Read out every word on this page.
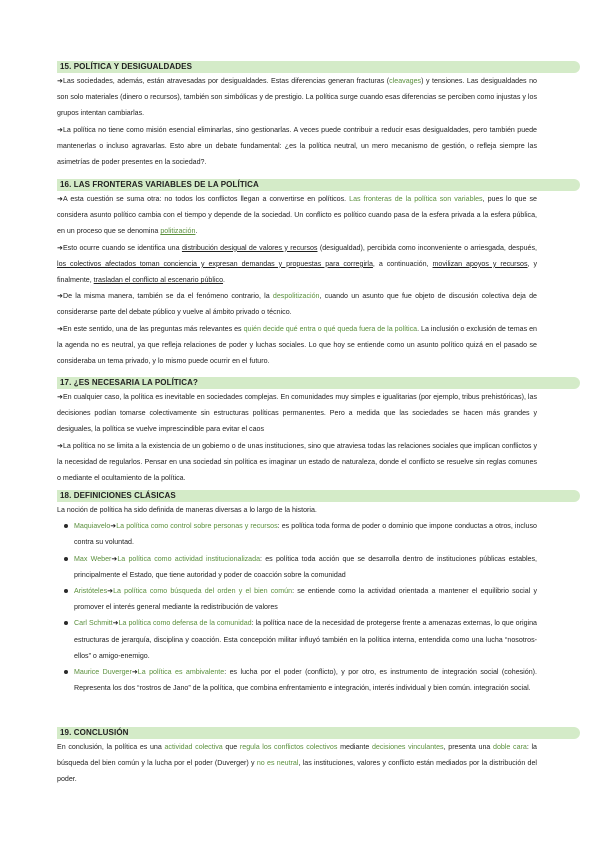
15. POLÍTICA Y DESIGUALDADES
➜Las sociedades, además, están atravesadas por desigualdades. Estas diferencias generan fracturas (cleavages) y tensiones. Las desigualdades no son solo materiales (dinero o recursos), también son simbólicas y de prestigio. La política surge cuando esas diferencias se perciben como injustas y los grupos intentan cambiarlas.
➜La política no tiene como misión esencial eliminarlas, sino gestionarlas. A veces puede contribuir a reducir esas desigualdades, pero también puede mantenerlas o incluso agravarlas. Esto abre un debate fundamental: ¿es la política neutral, un mero mecanismo de gestión, o refleja siempre las asimetrías de poder presentes en la sociedad?.
16. LAS FRONTERAS VARIABLES DE LA POLÍTICA
➜A esta cuestión se suma otra: no todos los conflictos llegan a convertirse en políticos. Las fronteras de la política son variables, pues lo que se considera asunto político cambia con el tiempo y depende de la sociedad. Un conflicto es político cuando pasa de la esfera privada a la esfera pública, en un proceso que se denomina politización.
➜Esto ocurre cuando se identifica una distribución desigual de valores y recursos (desigualdad), percibida como inconveniente o arriesgada, después, los colectivos afectados toman conciencia y expresan demandas y propuestas para corregirla, a continuación, movilizan apoyos y recursos, y finalmente, trasladan el conflicto al escenario público.
➜De la misma manera, también se da el fenómeno contrario, la despolitización, cuando un asunto que fue objeto de discusión colectiva deja de considerarse parte del debate público y vuelve al ámbito privado o técnico.
➜En este sentido, una de las preguntas más relevantes es quién decide qué entra o qué queda fuera de la política. La inclusión o exclusión de temas en la agenda no es neutral, ya que refleja relaciones de poder y luchas sociales. Lo que hoy se entiende como un asunto político quizá en el pasado se consideraba un tema privado, y lo mismo puede ocurrir en el futuro.
17. ¿ES NECESARIA LA POLÍTICA?
➜En cualquier caso, la política es inevitable en sociedades complejas. En comunidades muy simples e igualitarias (por ejemplo, tribus prehistóricas), las decisiones podían tomarse colectivamente sin estructuras políticas permanentes. Pero a medida que las sociedades se hacen más grandes y desiguales, la política se vuelve imprescindible para evitar el caos
➜La política no se limita a la existencia de un gobierno o de unas instituciones, sino que atraviesa todas las relaciones sociales que implican conflictos y la necesidad de regularlos. Pensar en una sociedad sin política es imaginar un estado de naturaleza, donde el conflicto se resuelve sin reglas comunes o mediante el ocultamiento de la política.
18. DEFINICIONES CLÁSICAS
La noción de política ha sido definida de maneras diversas a lo largo de la historia.
Maquiavelo➜La política como control sobre personas y recursos: es política toda forma de poder o dominio que impone conductas a otros, incluso contra su voluntad.
Max Weber➜La política como actividad institucionalizada: es política toda acción que se desarrolla dentro de instituciones públicas estables, principalmente el Estado, que tiene autoridad y poder de coacción sobre la comunidad
Aristóteles➜La política como búsqueda del orden y el bien común: se entiende como la actividad orientada a mantener el equilibrio social y promover el interés general mediante la redistribución de valores
Carl Schmitt➜La política como defensa de la comunidad: la política nace de la necesidad de protegerse frente a amenazas externas, lo que origina estructuras de jerarquía, disciplina y coacción. Esta concepción militar influyó también en la política interna, entendida como una lucha “nosotros-ellos” o amigo-enemigo.
Maurice Duverger➜La política es ambivalente: es lucha por el poder (conflicto), y por otro, es instrumento de integración social (cohesión). Representa los dos “rostros de Jano” de la política, que combina enfrentamiento e integración, interés individual y bien común. integración social.
19. CONCLUSIÓN
En conclusión, la política es una actividad colectiva que regula los conflictos colectivos mediante decisiones vinculantes, presenta una doble cara: la búsqueda del bien común y la lucha por el poder (Duverger) y no es neutral, las instituciones, valores y conflicto están mediados por la distribución del poder.
